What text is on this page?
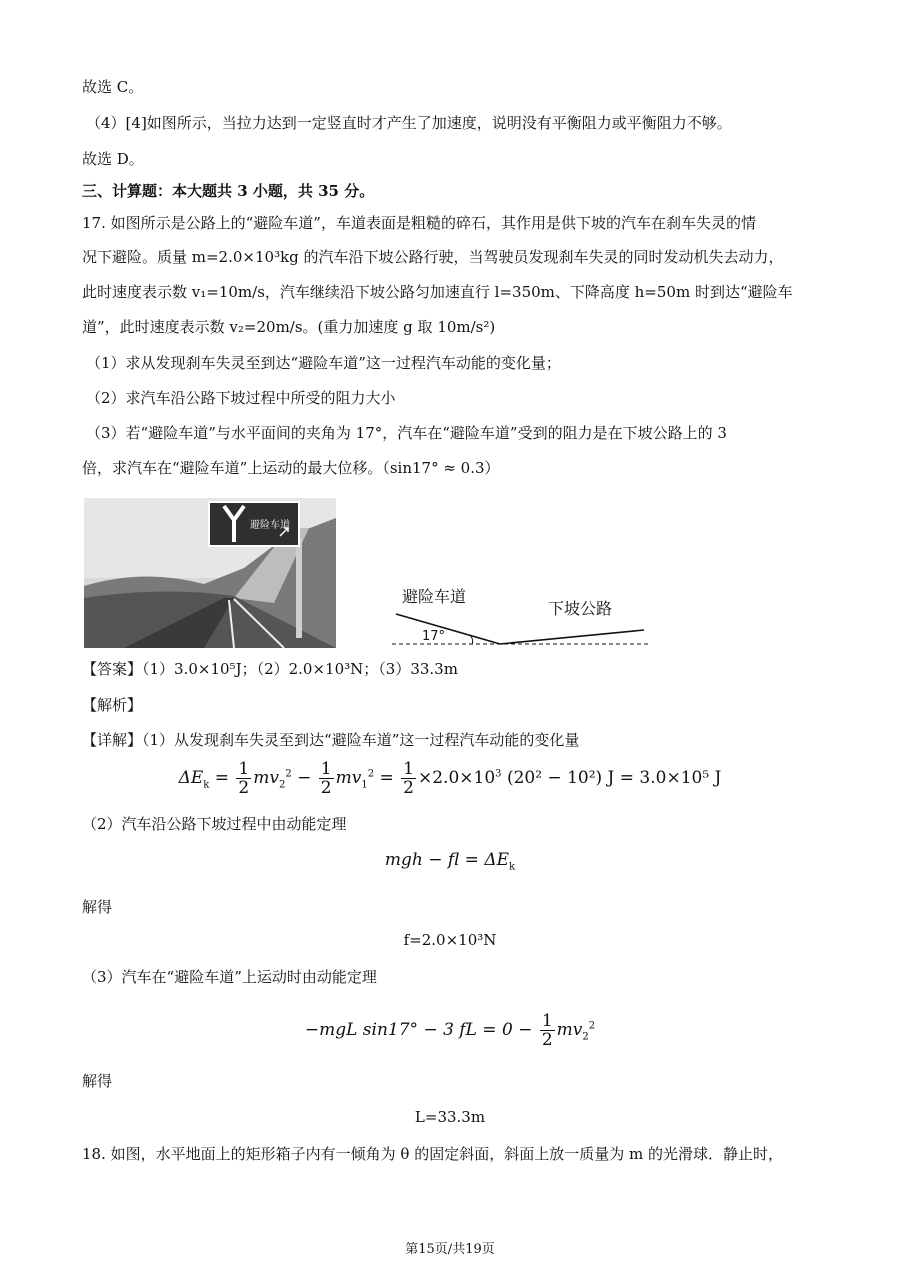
故选 C。
（4）[4]如图所示，当拉力达到一定竖直时才产生了加速度，说明没有平衡阻力或平衡阻力不够。
故选 D。
三、计算题：本大题共 3 小题，共 35 分。
17. 如图所示是公路上的“避险车道”，车道表面是粗糙的碎石，其作用是供下坡的汽车在刹车失灵的情
况下避险。质量 m=2.0×10³kg 的汽车沿下坡公路行驶，当驾驶员发现刹车失灵的同时发动机失去动力，
此时速度表示数 v₁=10m/s，汽车继续沿下坡公路匀加速直行 l=350m、下降高度 h=50m 时到达“避险车
道”，此时速度表示数 v₂=20m/s。(重力加速度 g 取 10m/s²)
（1）求从发现刹车失灵至到达“避险车道”这一过程汽车动能的变化量；
（2）求汽车沿公路下坡过程中所受的阻力大小
（3）若“避险车道”与水平面间的夹角为 17°，汽车在“避险车道”受到的阻力是在下坡公路上的 3
倍，求汽车在“避险车道”上运动的最大位移。（sin17° ≈ 0.3）
避险车道
避险车道
下坡公路
17°
【答案】（1）3.0×10⁵J；（2）2.0×10³N；（3）33.3m
【解析】
【详解】（1）从发现刹车失灵至到达“避险车道”这一过程汽车动能的变化量
$\Delta E_k = \frac{1}{2} mv_2^2 - \frac{1}{2} mv_1^2 = \frac{1}{2} \times 2.0\times 10^3$ (20² − 10²) J = 3.0×10⁵ J
（2）汽车沿公路下坡过程中由动能定理
mgh − fl = $\Delta E_k$
解得
f=2.0×10³N
（3）汽车在“避险车道”上运动时由动能定理
−mgL sin17° − 3 fL = $0 - \frac{1}{2} mv_2^2$
解得
L=33.3m
18. 如图，水平地面上的矩形箱子内有一倾角为 θ 的固定斜面，斜面上放一质量为 m 的光滑球．静止时，
第15页/共19页
